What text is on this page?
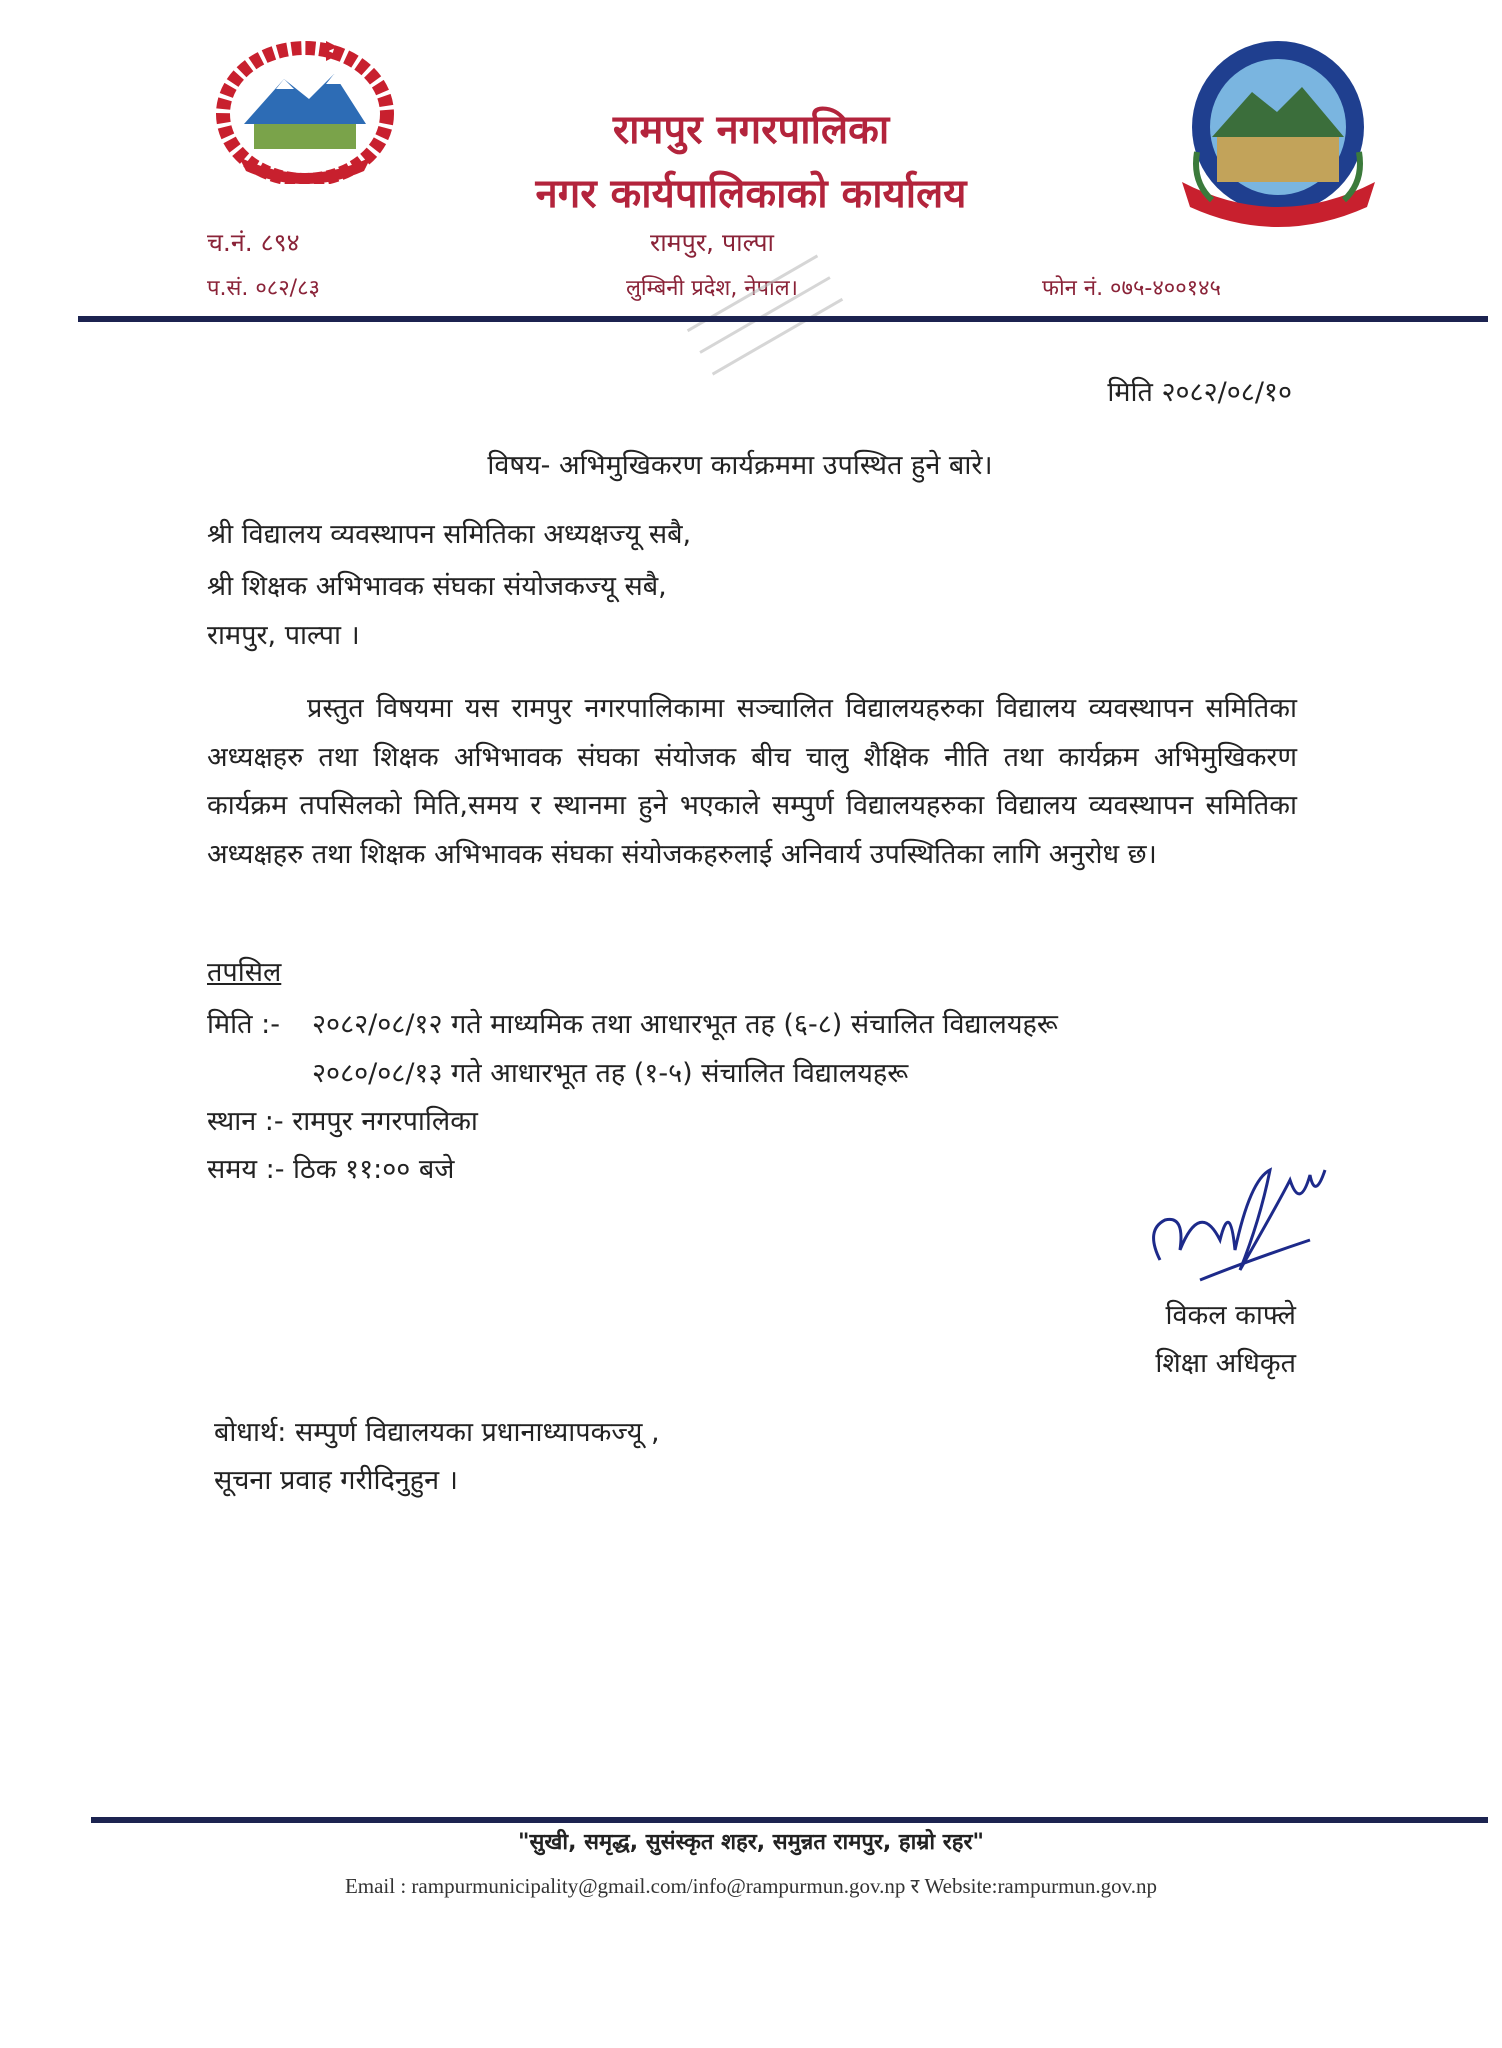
रामपुर नगरपालिका
नगर कार्यपालिकाको कार्यालय
च.नं. ८९४
प.सं. ०८२/८३
रामपुर, पाल्पा
लुम्बिनी प्रदेश, नेपाल।	फोन नं. ०७५-४००१४५
मिति २०८२/०८/१०
विषय- अभिमुखिकरण कार्यक्रममा उपस्थित हुने बारे।
श्री विद्यालय व्यवस्थापन समितिका अध्यक्षज्यू सबै,
श्री शिक्षक अभिभावक संघका संयोजकज्यू सबै,
रामपुर, पाल्पा ।
प्रस्तुत विषयमा यस रामपुर नगरपालिकामा सञ्चालित विद्यालयहरुका विद्यालय व्यवस्थापन समितिका अध्यक्षहरु तथा शिक्षक अभिभावक संघका संयोजक बीच चालु शैक्षिक नीति तथा कार्यक्रम अभिमुखिकरण कार्यक्रम तपसिलको मिति,समय र स्थानमा हुने भएकाले सम्पुर्ण विद्यालयहरुका विद्यालय व्यवस्थापन समितिका अध्यक्षहरु तथा शिक्षक अभिभावक संघका संयोजकहरुलाई अनिवार्य उपस्थितिका लागि अनुरोध छ।
तपसिल
मिति :- २०८२/०८/१२ गते माध्यमिक तथा आधारभूत तह (६-८) संचालित विद्यालयहरू
२०८०/०८/१३ गते आधारभूत तह (१-५) संचालित विद्यालयहरू
स्थान :- रामपुर नगरपालिका
समय :- ठिक ११:०० बजे
विकल काफ्ले
शिक्षा अधिकृत
बोधार्थ: सम्पुर्ण विद्यालयका प्रधानाध्यापकज्यू ,
सूचना प्रवाह गरीदिनुहुन ।
"सुखी, समृद्ध, सुसंस्कृत शहर, समुन्नत रामपुर, हाम्रो रहर"
Email : rampurmunicipality@gmail.com/info@rampurmun.gov.np र Website:rampurmun.gov.np
